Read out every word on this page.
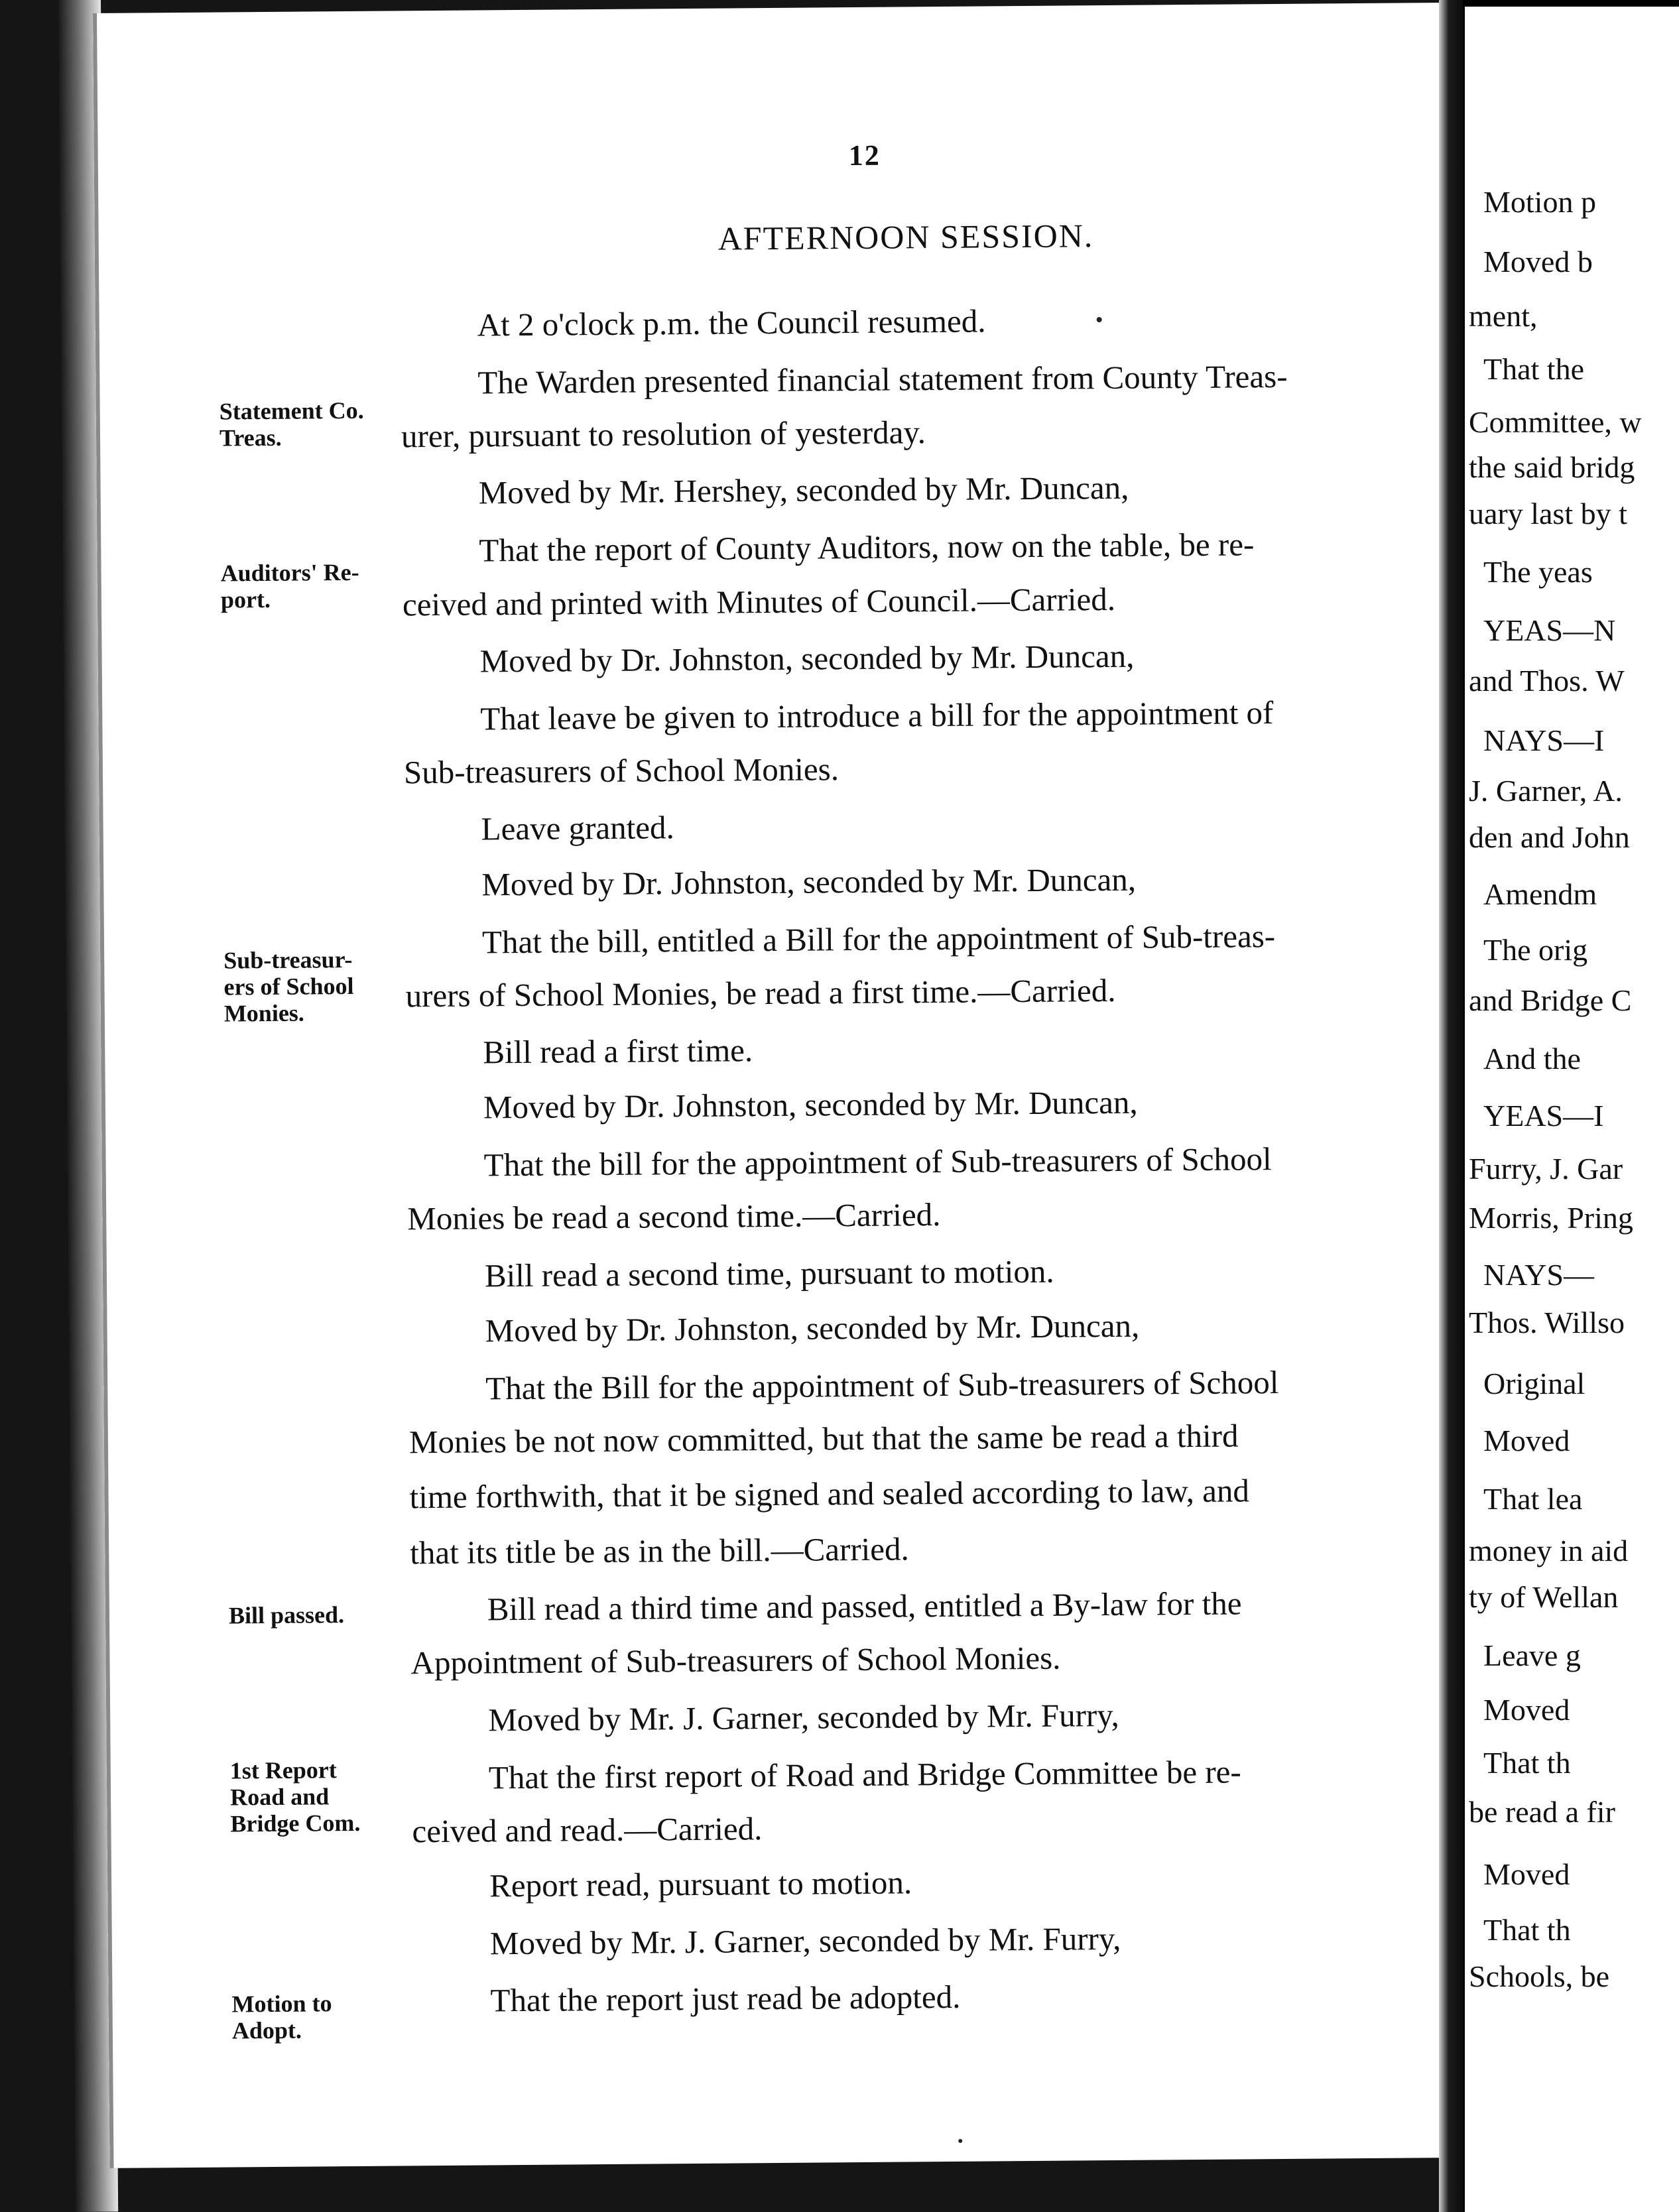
12
AFTERNOON SESSION.
At 2 o'clock p.m. the Council resumed.
The Warden presented financial statement from County Treas-
urer, pursuant to resolution of yesterday.
Moved by Mr. Hershey, seconded by Mr. Duncan,
That the report of County Auditors, now on the table, be re-
ceived and printed with Minutes of Council.—Carried.
Moved by Dr. Johnston, seconded by Mr. Duncan,
That leave be given to introduce a bill for the appointment of
Sub-treasurers of School Monies.
Leave granted.
Moved by Dr. Johnston, seconded by Mr. Duncan,
That the bill, entitled a Bill for the appointment of Sub-treas-
urers of School Monies, be read a first time.—Carried.
Bill read a first time.
Moved by Dr. Johnston, seconded by Mr. Duncan,
That the bill for the appointment of Sub-treasurers of School
Monies be read a second time.—Carried.
Bill read a second time, pursuant to motion.
Moved by Dr. Johnston, seconded by Mr. Duncan,
That the Bill for the appointment of Sub-treasurers of School
Monies be not now committed, but that the same be read a third
time forthwith, that it be signed and sealed according to law, and
that its title be as in the bill.—Carried.
Bill read a third time and passed, entitled a By-law for the
Appointment of Sub-treasurers of School Monies.
Moved by Mr. J. Garner, seconded by Mr. Furry,
That the first report of Road and Bridge Committee be re-
ceived and read.—Carried.
Report read, pursuant to motion.
Moved by Mr. J. Garner, seconded by Mr. Furry,
That the report just read be adopted.
Statement Co.
Treas.
Auditors' Re-
port.
Sub-treasur-
ers of School
Monies.
Bill passed.
1st Report
Road and
Bridge Com.
Motion to
Adopt.
Motion p
Moved b
ment,
That the
Committee, w
the said bridg
uary last by t
The yeas
YEAS—N
and Thos. W
NAYS—I
J. Garner, A.
den and John
Amendm
The orig
and Bridge C
And the
YEAS—I
Furry, J. Gar
Morris, Pring
NAYS—
Thos. Willso
Original
Moved
That lea
money in aid
ty of Wellan
Leave g
Moved
That th
be read a fir
Moved
That th
Schools, be
